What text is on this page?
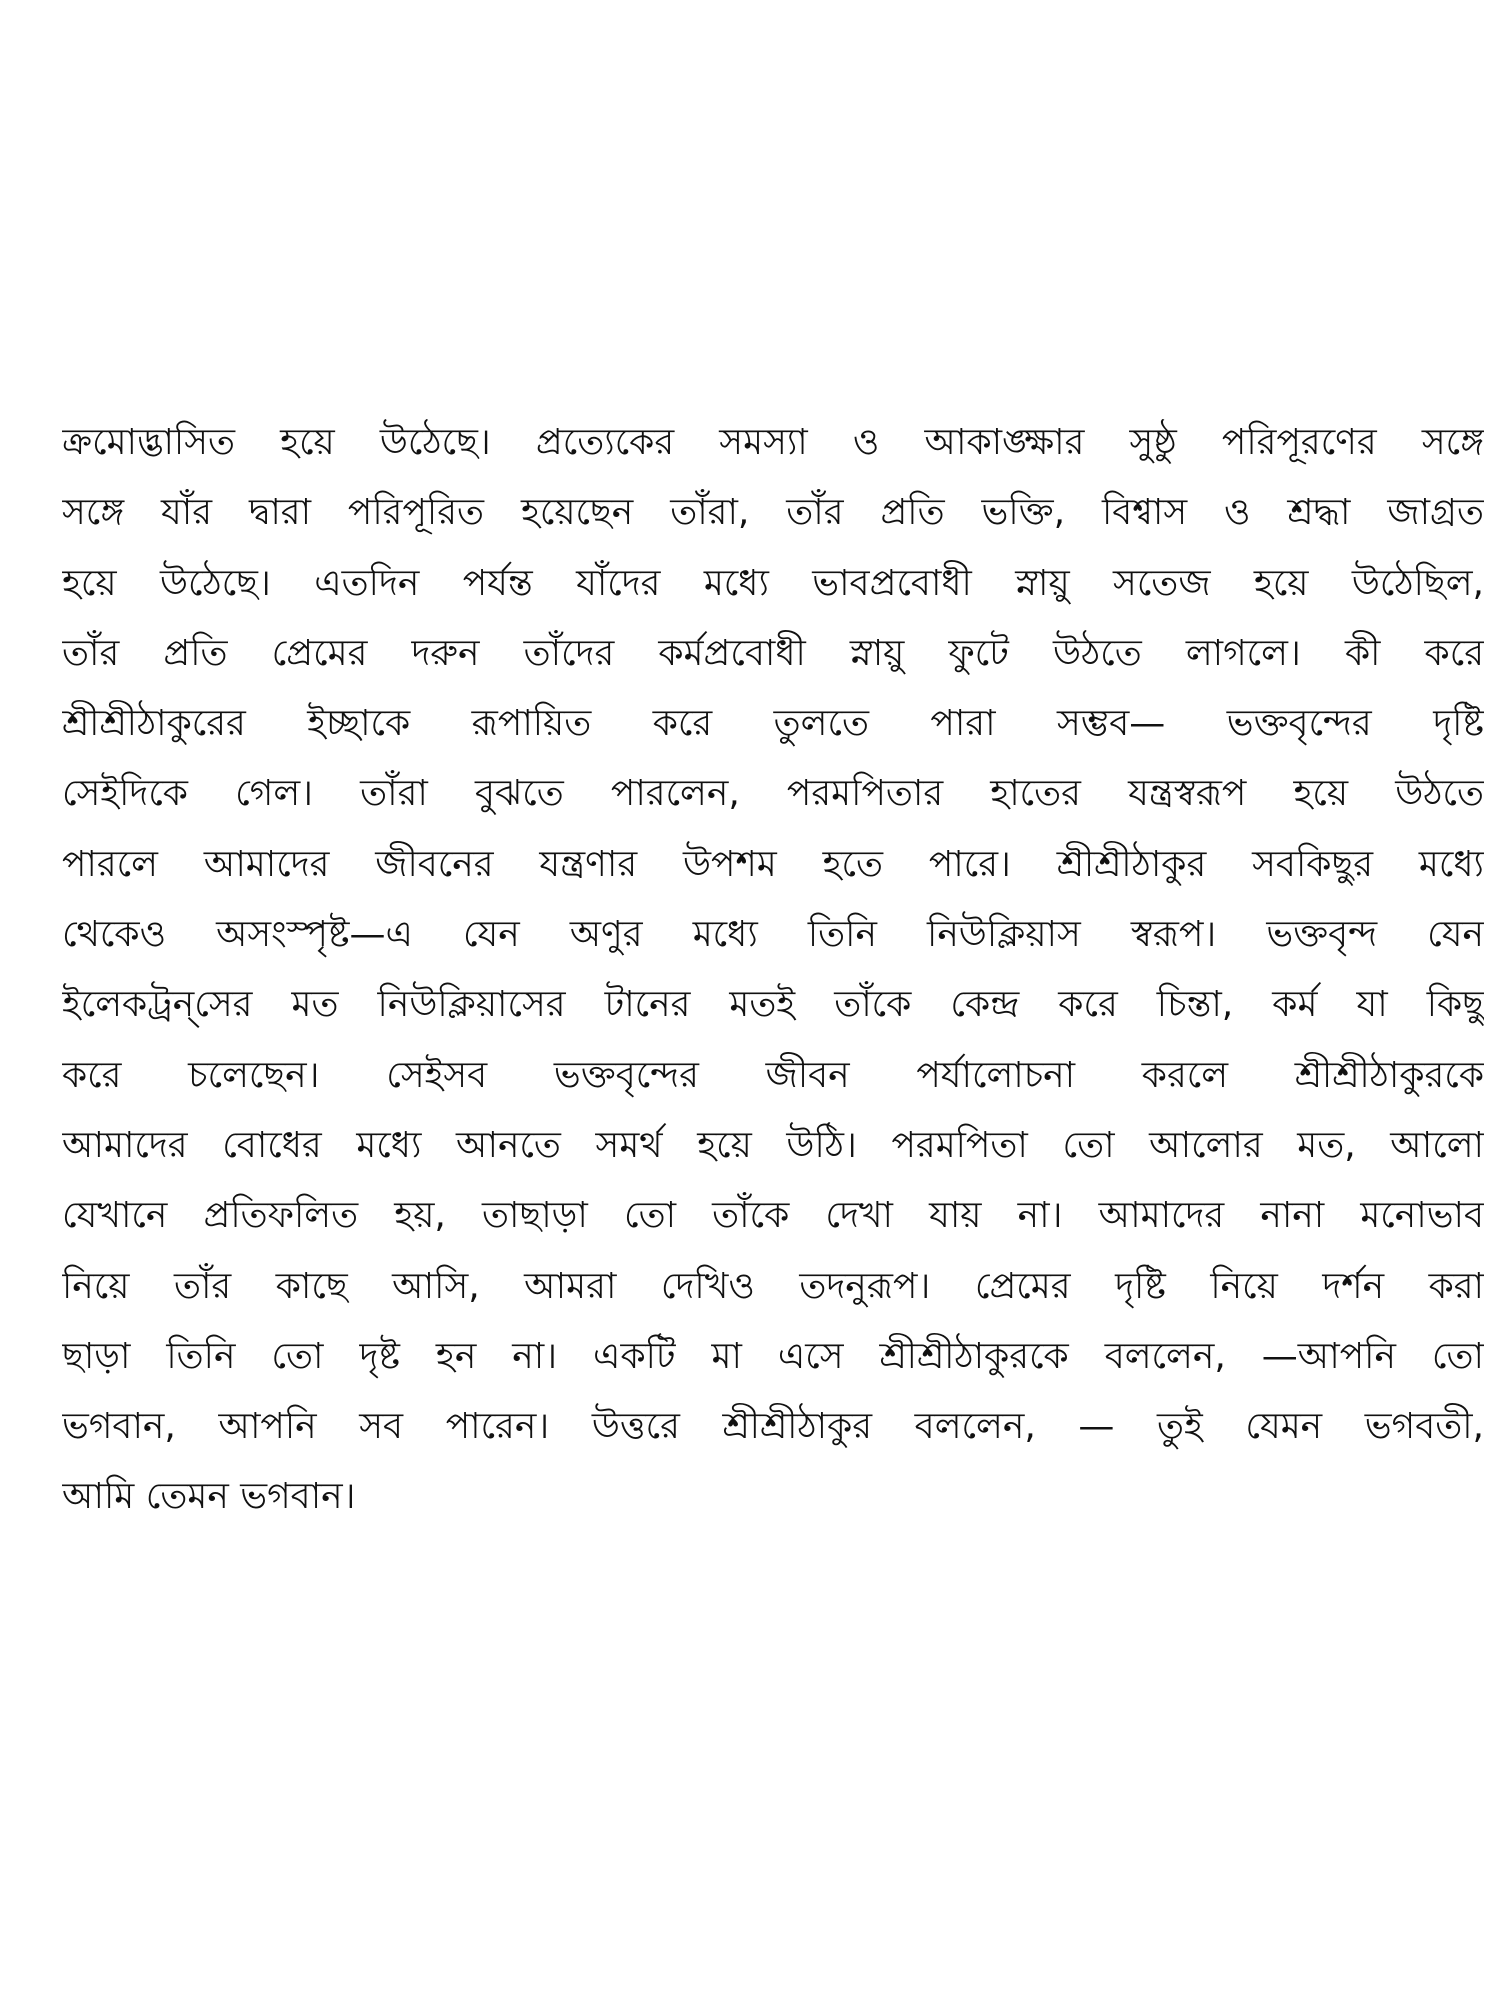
ক্রমোদ্ভাসিত হয়ে উঠেছে। প্রত্যেকের সমস্যা ও আকাঙ্ক্ষার সুষ্ঠু পরিপূরণের সঙ্গে
সঙ্গে যাঁর দ্বারা পরিপূরিত হয়েছেন তাঁরা, তাঁর প্রতি ভক্তি, বিশ্বাস ও শ্রদ্ধা জাগ্রত
হয়ে উঠেছে। এতদিন পর্যন্ত যাঁদের মধ্যে ভাবপ্রবোধী স্নায়ু সতেজ হয়ে উঠেছিল,
তাঁর প্রতি প্রেমের দরুন তাঁদের কর্মপ্রবোধী স্নায়ু ফুটে উঠতে লাগলে। কী করে
শ্রীশ্রীঠাকুরের ইচ্ছাকে রূপায়িত করে তুলতে পারা সম্ভব— ভক্তবৃন্দের দৃষ্টি
সেইদিকে গেল। তাঁরা বুঝতে পারলেন, পরমপিতার হাতের যন্ত্রস্বরূপ হয়ে উঠতে
পারলে আমাদের জীবনের যন্ত্রণার উপশম হতে পারে। শ্রীশ্রীঠাকুর সবকিছুর মধ্যে
থেকেও অসংস্পৃষ্ট—এ যেন অণুর মধ্যে তিনি নিউক্লিয়াস স্বরূপ। ভক্তবৃন্দ যেন
ইলেকট্রন্‌সের মত নিউক্লিয়াসের টানের মতই তাঁকে কেন্দ্র করে চিন্তা, কর্ম যা কিছু
করে চলেছেন। সেইসব ভক্তবৃন্দের জীবন পর্যালোচনা করলে শ্রীশ্রীঠাকুরকে
আমাদের বোধের মধ্যে আনতে সমর্থ হয়ে উঠি। পরমপিতা তো আলোর মত, আলো
যেখানে প্রতিফলিত হয়, তাছাড়া তো তাঁকে দেখা যায় না। আমাদের নানা মনোভাব
নিয়ে তাঁর কাছে আসি, আমরা দেখিও তদনুরূপ। প্রেমের দৃষ্টি নিয়ে দর্শন করা
ছাড়া তিনি তো দৃষ্ট হন না। একটি মা এসে শ্রীশ্রীঠাকুরকে বললেন, —আপনি তো
ভগবান, আপনি সব পারেন। উত্তরে শ্রীশ্রীঠাকুর বললেন, — তুই যেমন ভগবতী,
আমি তেমন ভগবান।
